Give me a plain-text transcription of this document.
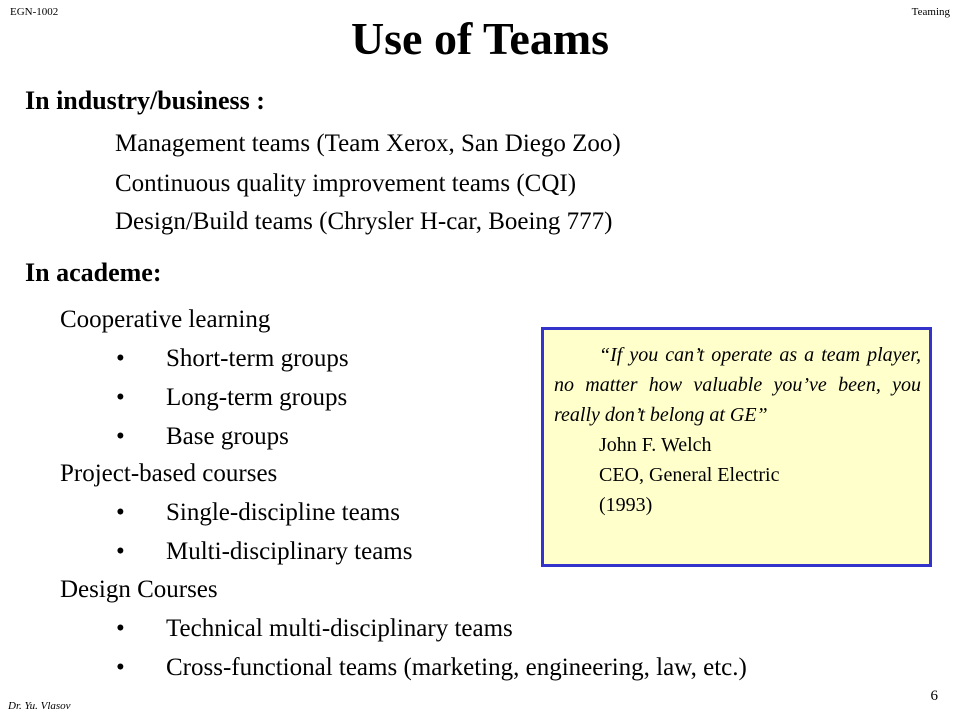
EGN-1002	Teaming
Use of Teams
In industry/business :
Management teams (Team Xerox, San Diego Zoo)
Continuous quality improvement teams (CQI)
Design/Build teams (Chrysler H-car, Boeing 777)
In academe:
Cooperative learning
• Short-term groups
• Long-term groups
• Base groups
Project-based courses
• Single-discipline teams
• Multi-disciplinary teams
Design Courses
• Technical multi-disciplinary teams
• Cross-functional teams (marketing, engineering, law, etc.)
“If you can’t operate as a team player, no matter how valuable you’ve been, you really don’t belong at GE”
John F. Welch
CEO, General Electric
(1993)
Dr. Yu. Vlasov
6
